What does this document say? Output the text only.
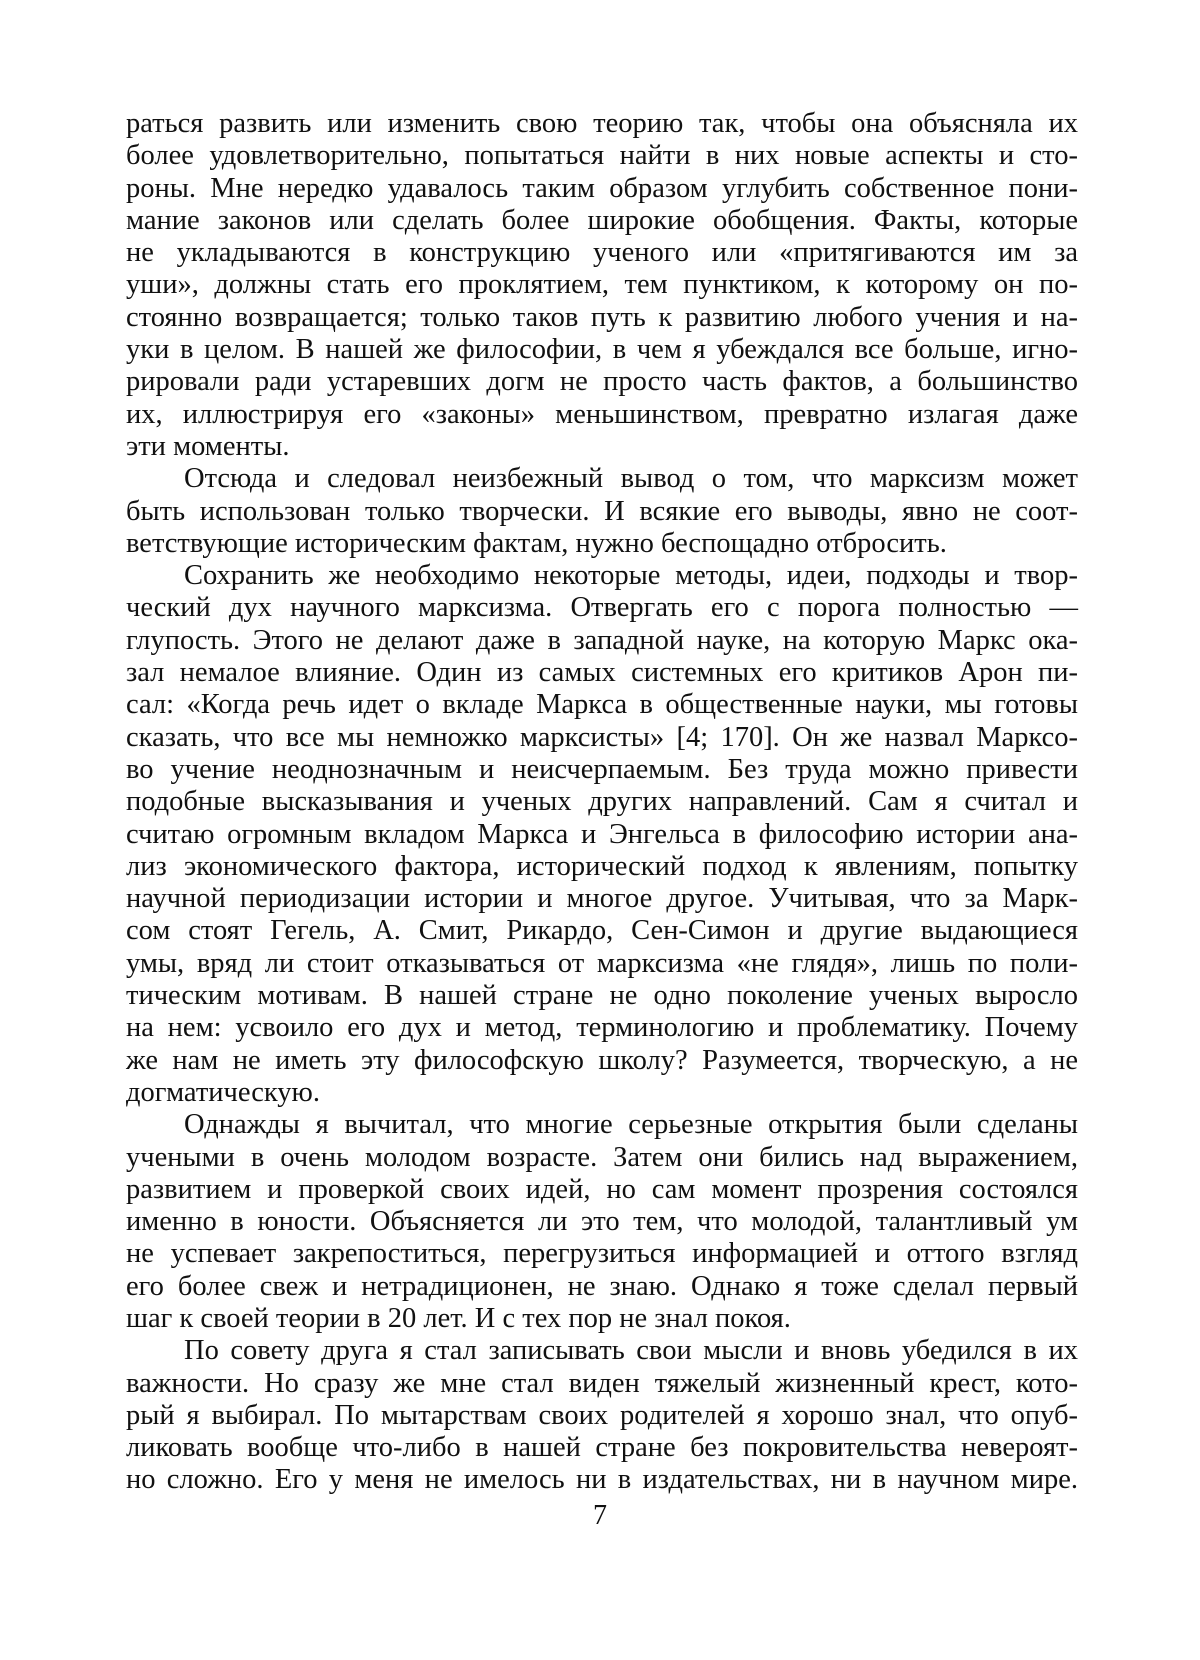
раться развить или изменить свою теорию так, чтобы она объясняла их
более удовлетворительно, попытаться найти в них новые аспекты и сто-
роны. Мне нередко удавалось таким образом углубить собственное пони-
мание законов или сделать более широкие обобщения. Факты, которые
не укладываются в конструкцию ученого или «притягиваются им за
уши», должны стать его проклятием, тем пунктиком, к которому он по-
стоянно возвращается; только таков путь к развитию любого учения и на-
уки в целом. В нашей же философии, в чем я убеждался все больше, игно-
рировали ради устаревших догм не просто часть фактов, а большинство
их, иллюстрируя его «законы» меньшинством, превратно излагая даже
эти моменты.

Отсюда и следовал неизбежный вывод о том, что марксизм может
быть использован только творчески. И всякие его выводы, явно не соот-
ветствующие историческим фактам, нужно беспощадно отбросить.

Сохранить же необходимо некоторые методы, идеи, подходы и твор-
ческий дух научного марксизма. Отвергать его с порога полностью —
глупость. Этого не делают даже в западной науке, на которую Маркс ока-
зал немалое влияние. Один из самых системных его критиков Арон пи-
сал: «Когда речь идет о вкладе Маркса в общественные науки, мы готовы
сказать, что все мы немножко марксисты» [4; 170]. Он же назвал Марксо-
во учение неоднозначным и неисчерпаемым. Без труда можно привести
подобные высказывания и ученых других направлений. Сам я считал и
считаю огромным вкладом Маркса и Энгельса в философию истории ана-
лиз экономического фактора, исторический подход к явлениям, попытку
научной периодизации истории и многое другое. Учитывая, что за Марк-
сом стоят Гегель, А. Смит, Рикардо, Сен-Симон и другие выдающиеся
умы, вряд ли стоит отказываться от марксизма «не глядя», лишь по поли-
тическим мотивам. В нашей стране не одно поколение ученых выросло
на нем: усвоило его дух и метод, терминологию и проблематику. Почему
же нам не иметь эту философскую школу? Разумеется, творческую, а не
догматическую.

Однажды я вычитал, что многие серьезные открытия были сделаны
учеными в очень молодом возрасте. Затем они бились над выражением,
развитием и проверкой своих идей, но сам момент прозрения состоялся
именно в юности. Объясняется ли это тем, что молодой, талантливый ум
не успевает закрепоститься, перегрузиться информацией и оттого взгляд
его более свеж и нетрадиционен, не знаю. Однако я тоже сделал первый
шаг к своей теории в 20 лет. И с тех пор не знал покоя.

По совету друга я стал записывать свои мысли и вновь убедился в их
важности. Но сразу же мне стал виден тяжелый жизненный крест, кото-
рый я выбирал. По мытарствам своих родителей я хорошо знал, что опуб-
ликовать вообще что-либо в нашей стране без покровительства невероят-
но сложно. Его у меня не имелось ни в издательствах, ни в научном мире.

7
